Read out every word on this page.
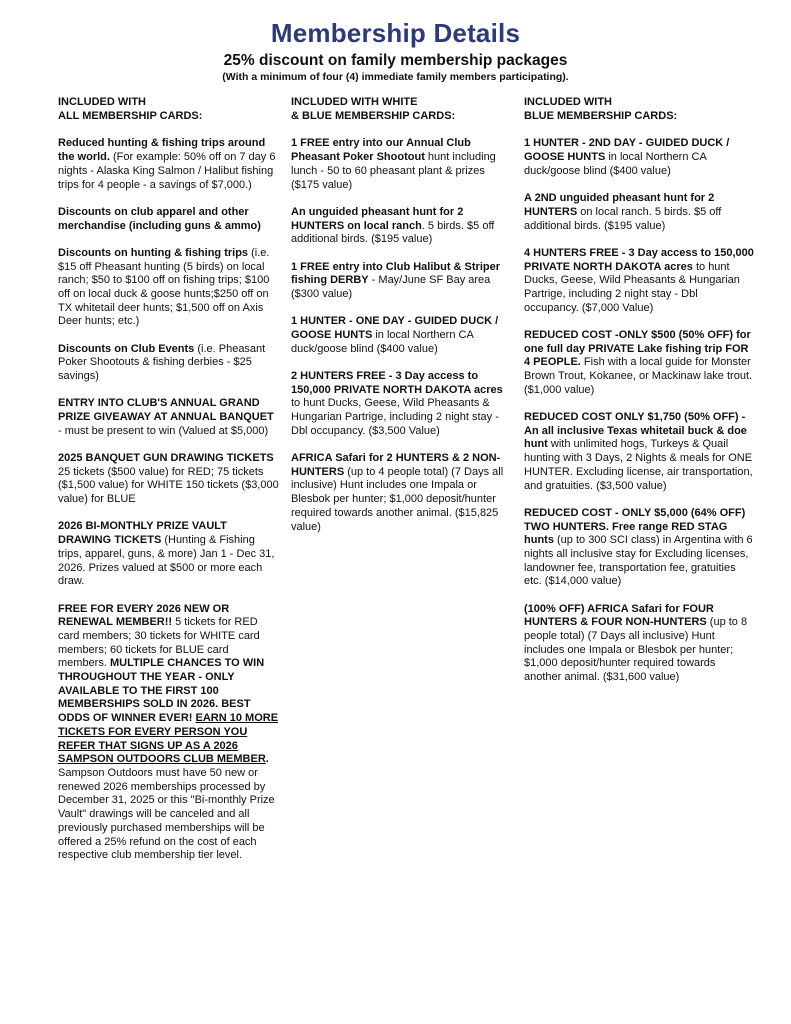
Membership Details
25% discount on family membership packages
(With a minimum of four (4) immediate family members participating).
INCLUDED WITH
ALL MEMBERSHIP CARDS:
Reduced hunting & fishing trips around the world. (For example: 50% off on 7 day 6 nights - Alaska King Salmon / Halibut fishing trips for 4 people - a savings of $7,000.)
Discounts on club apparel and other merchandise (including guns & ammo)
Discounts on hunting & fishing trips (i.e. $15 off Pheasant hunting (5 birds) on local ranch; $50 to $100 off on fishing trips; $100 off on local duck & goose hunts;$250 off on TX whitetail deer hunts; $1,500 off on Axis Deer hunts; etc.)
Discounts on Club Events (i.e. Pheasant Poker Shootouts & fishing derbies - $25 savings)
ENTRY INTO CLUB'S ANNUAL GRAND PRIZE GIVEAWAY AT ANNUAL BANQUET - must be present to win (Valued at $5,000)
2025 BANQUET GUN DRAWING TICKETS 25 tickets ($500 value) for RED; 75 tickets ($1,500 value) for WHITE 150 tickets ($3,000 value) for BLUE
2026 BI-MONTHLY PRIZE VAULT DRAWING TICKETS (Hunting & Fishing trips, apparel, guns, & more) Jan 1 - Dec 31, 2026. Prizes valued at $500 or more each draw.
FREE FOR EVERY 2026 NEW OR RENEWAL MEMBER!! 5 tickets for RED card members; 30 tickets for WHITE card members; 60 tickets for BLUE card members. MULTIPLE CHANCES TO WIN THROUGHOUT THE YEAR - ONLY AVAILABLE TO THE FIRST 100 MEMBERSHIPS SOLD IN 2026. BEST ODDS OF WINNER EVER! EARN 10 MORE TICKETS FOR EVERY PERSON YOU REFER THAT SIGNS UP AS A 2026 SAMPSON OUTDOORS CLUB MEMBER. Sampson Outdoors must have 50 new or renewed 2026 memberships processed by December 31, 2025 or this "Bi-monthly Prize Vault" drawings will be canceled and all previously purchased memberships will be offered a 25% refund on the cost of each respective club membership tier level.
INCLUDED WITH WHITE
& BLUE MEMBERSHIP CARDS:
1 FREE entry into our Annual Club Pheasant Poker Shootout hunt including lunch - 50 to 60 pheasant plant & prizes ($175 value)
An unguided pheasant hunt for 2 HUNTERS on local ranch. 5 birds. $5 off additional birds. ($195 value)
1 FREE entry into Club Halibut & Striper fishing DERBY - May/June SF Bay area      ($300 value)
1 HUNTER - ONE DAY - GUIDED DUCK / GOOSE HUNTS in local Northern CA duck/goose blind ($400 value)
2 HUNTERS FREE - 3 Day access to 150,000 PRIVATE NORTH DAKOTA acres to hunt Ducks, Geese, Wild Pheasants & Hungarian Partrige, including 2 night stay - Dbl occupancy. ($3,500 Value)
AFRICA Safari for 2 HUNTERS & 2 NON-HUNTERS (up to 4 people total) (7 Days all inclusive) Hunt includes one Impala or Blesbok per hunter; $1,000 deposit/hunter required towards another animal. ($15,825 value)
INCLUDED WITH
BLUE MEMBERSHIP CARDS:
1 HUNTER - 2ND DAY - GUIDED DUCK / GOOSE HUNTS in local Northern CA duck/goose blind ($400 value)
A 2ND unguided pheasant hunt for 2 HUNTERS on local ranch. 5 birds. $5 off additional birds. ($195 value)
4 HUNTERS FREE - 3 Day access to 150,000 PRIVATE NORTH DAKOTA acres to hunt Ducks, Geese, Wild Pheasants & Hungarian Partrige, including 2 night stay - Dbl occupancy. ($7,000 Value)
REDUCED COST -ONLY $500 (50% OFF) for one full day PRIVATE Lake fishing trip FOR 4 PEOPLE. Fish with a local guide for Monster Brown Trout, Kokanee, or Mackinaw lake trout. ($1,000 value)
REDUCED COST ONLY $1,750 (50% OFF) - An all inclusive Texas whitetail buck & doe hunt with unlimited hogs, Turkeys & Quail hunting with 3 Days, 2 Nights & meals for ONE HUNTER. Excluding license, air transportation, and gratuities. ($3,500 value)
REDUCED COST - ONLY $5,000 (64% OFF) TWO HUNTERS. Free range RED STAG hunts (up to 300 SCI class) in Argentina with 6 nights all inclusive stay for Excluding licenses, landowner fee, transportation fee, gratuities etc. ($14,000 value)
(100% OFF) AFRICA Safari for FOUR HUNTERS & FOUR NON-HUNTERS (up to 8 people total) (7 Days all inclusive) Hunt includes one Impala or Blesbok per hunter; $1,000 deposit/hunter required towards another animal. ($31,600 value)
